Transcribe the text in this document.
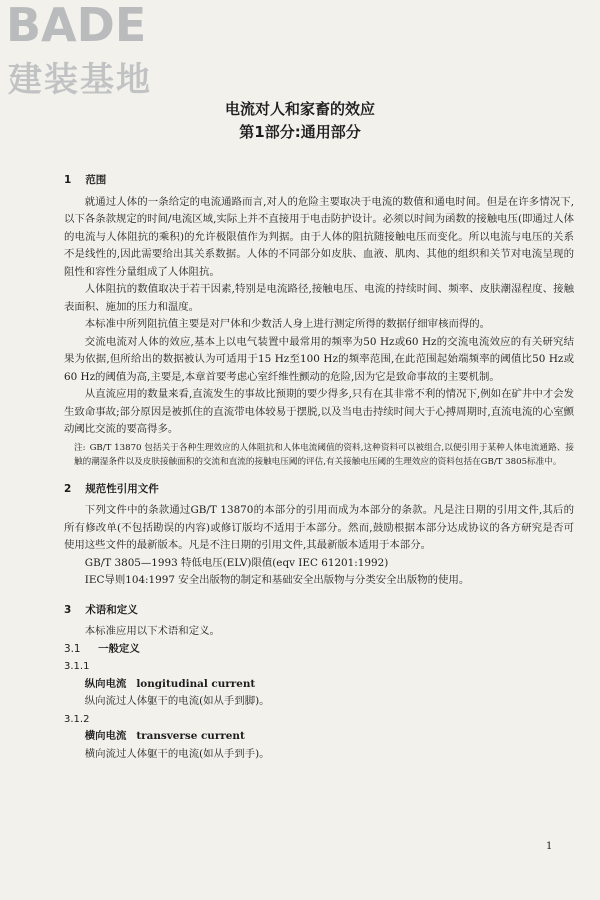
BADE
建装基地
电流对人和家畜的效应
第1部分:通用部分
1 范围

就通过人体的一条给定的电流通路而言,对人的危险主要取决于电流的数值和通电时间。但是在许多情况下,以下各条款规定的时间/电流区域,实际上并不直接用于电击防护设计。必须以时间为函数的接触电压(即通过人体的电流与人体阻抗的乘积)的允许极限值作为判据。由于人体的阻抗随接触电压而变化。所以电流与电压的关系不是线性的,因此需要给出其关系数据。人体的不同部分如皮肤、血液、肌肉、其他的组织和关节对电流呈现的阻性和容性分量组成了人体阻抗。

人体阻抗的数值取决于若干因素,特别是电流路径,接触电压、电流的持续时间、频率、皮肤潮湿程度、接触表面积、施加的压力和温度。

本标准中所列阻抗值主要是对尸体和少数活人身上进行测定所得的数据仔细审核而得的。

交流电流对人体的效应,基本上以电气装置中最常用的频率为50 Hz或60 Hz的交流电流效应的有关研究结果为依据,但所给出的数据被认为可适用于15 Hz至100 Hz的频率范围,在此范围起始端频率的阈值比50 Hz或60 Hz的阈值为高,主要是,本章首要考虑心室纤维性颤动的危险,因为它是致命事故的主要机制。

从直流应用的数量来看,直流发生的事故比预期的要少得多,只有在其非常不利的情况下,例如在矿井中才会发生致命事故;部分原因是被抓住的直流带电体较易于摆脱,以及当电击持续时间大于心搏周期时,直流电流的心室颤动阈比交流的要高得多。

注: GB/T 13870 包括关于各种生理效应的人体阻抗和人体电流阈值的资料,这种资料可以被组合,以便引用于某种人体电流通路、接触的潮湿条件以及皮肤接触面积的交流和直流的接触电压阈的评估,有关接触电压阈的生理效应的资料包括在GB/T 3805标准中。

2 规范性引用文件

下列文件中的条款通过GB/T 13870的本部分的引用而成为本部分的条款。凡是注日期的引用文件,其后的所有修改单(不包括勘误的内容)或修订版均不适用于本部分。然而,鼓励根据本部分达成协议的各方研究是否可使用这些文件的最新版本。凡是不注日期的引用文件,其最新版本适用于本部分。

GB/T 3805—1993 特低电压(ELV)限值(eqv IEC 61201:1992)

IEC导则104:1997 安全出版物的制定和基础安全出版物与分类安全出版物的使用。

3 术语和定义

本标准应用以下术语和定义。

3.1 一般定义
3.1.1
纵向电流 longitudinal current

纵向流过人体躯干的电流(如从手到脚)。

3.1.2
横向电流 transverse current

横向流过人体躯干的电流(如从手到手)。

1
